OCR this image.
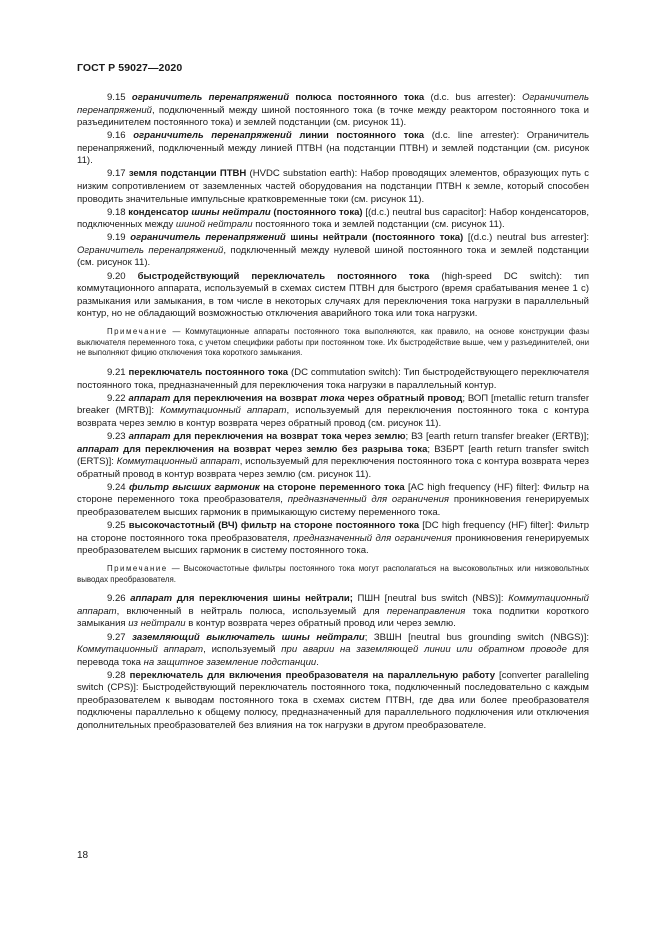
ГОСТ Р 59027—2020

9.15 ограничитель перенапряжений полюса постоянного тока (d.c. bus arrester): Ограничитель перенапряжений, подключенный между шиной постоянного тока (в точке между реактором постоянного тока и разъединителем постоянного тока) и землей подстанции (см. рисунок 11).

9.16 ограничитель перенапряжений линии постоянного тока (d.c. line arrester): Ограничитель перенапряжений, подключенный между линией ПТВН (на подстанции ПТВН) и землей подстанции (см. рисунок 11).

9.17 земля подстанции ПТВН (HVDC substation earth): Набор проводящих элементов, образующих путь с низким сопротивлением от заземленных частей оборудования на подстанции ПТВН к земле, который способен проводить значительные импульсные кратковременные токи (см. рисунок 11).

9.18 конденсатор шины нейтрали (постоянного тока) [(d.c.) neutral bus capacitor]: Набор конденсаторов, подключенных между шиной нейтрали постоянного тока и землей подстанции (см. рисунок 11).

9.19 ограничитель перенапряжений шины нейтрали (постоянного тока) [(d.c.) neutral bus arrester]: Ограничитель перенапряжений, подключенный между нулевой шиной постоянного тока и землей подстанции (см. рисунок 11).

9.20 быстродействующий переключатель постоянного тока (high-speed DC switch): тип коммутационного аппарата, используемый в схемах систем ПТВН для быстрого (время срабатывания менее 1 с) размыкания или замыкания, в том числе в некоторых случаях для переключения тока нагрузки в параллельный контур, но не обладающий возможностью отключения аварийного тока или тока нагрузки.

Примечание — Коммутационные аппараты постоянного тока выполняются, как правило, на основе конструкции фазы выключателя переменного тока, с учетом специфики работы при постоянном токе. Их быстродействие выше, чем у разъединителей, они не выполняют фицию отключения тока короткого замыкания.

9.21 переключатель постоянного тока (DC commutation switch): Тип быстродействующего переключателя постоянного тока, предназначенный для переключения тока нагрузки в параллельный контур.

9.22 аппарат для переключения на возврат тока через обратный провод; ВОП [metallic return transfer breaker (MRTB)]: Коммутационный аппарат, используемый для переключения постоянного тока с контура возврата через землю в контур возврата через обратный провод (см. рисунок 11).

9.23 аппарат для переключения на возврат тока через землю; ВЗ [earth return transfer breaker (ERTB)]; аппарат для переключения на возврат через землю без разрыва тока; ВЗБРТ [earth return transfer switch (ERTS)]: Коммутационный аппарат, используемый для переключения постоянного тока с контура возврата через обратный провод в контур возврата через землю (см. рисунок 11).

9.24 фильтр высших гармоник на стороне переменного тока [AC high frequency (HF) filter]: Фильтр на стороне переменного тока преобразователя, предназначенный для ограничения проникновения генерируемых преобразователем высших гармоник в примыкающую систему переменного тока.

9.25 высокочастотный (ВЧ) фильтр на стороне постоянного тока [DC high frequency (HF) filter]: Фильтр на стороне постоянного тока преобразователя, предназначенный для ограничения проникновения генерируемых преобразователем высших гармоник в систему постоянного тока.

Примечание — Высокочастотные фильтры постоянного тока могут располагаться на высоковольтных или низковольтных выводах преобразователя.

9.26 аппарат для переключения шины нейтрали; ПШН [neutral bus switch (NBS)]: Коммутационный аппарат, включенный в нейтраль полюса, используемый для перенаправления тока подпитки короткого замыкания из нейтрали в контур возврата через обратный провод или через землю.

9.27 заземляющий выключатель шины нейтрали; ЗВШН [neutral bus grounding switch (NBGS)]: Коммутационный аппарат, используемый при аварии на заземляющей линии или обратном проводе для перевода тока на защитное заземление подстанции.

9.28 переключатель для включения преобразователя на параллельную работу [converter paralleling switch (CPS)]: Быстродействующий переключатель постоянного тока, подключенный последовательно с каждым преобразователем к выводам постоянного тока в схемах систем ПТВН, где два или более преобразователя подключены параллельно к общему полюсу, предназначенный для параллельного подключения или отключения дополнительных преобразователей без влияния на ток нагрузки в другом преобразователе.

18
